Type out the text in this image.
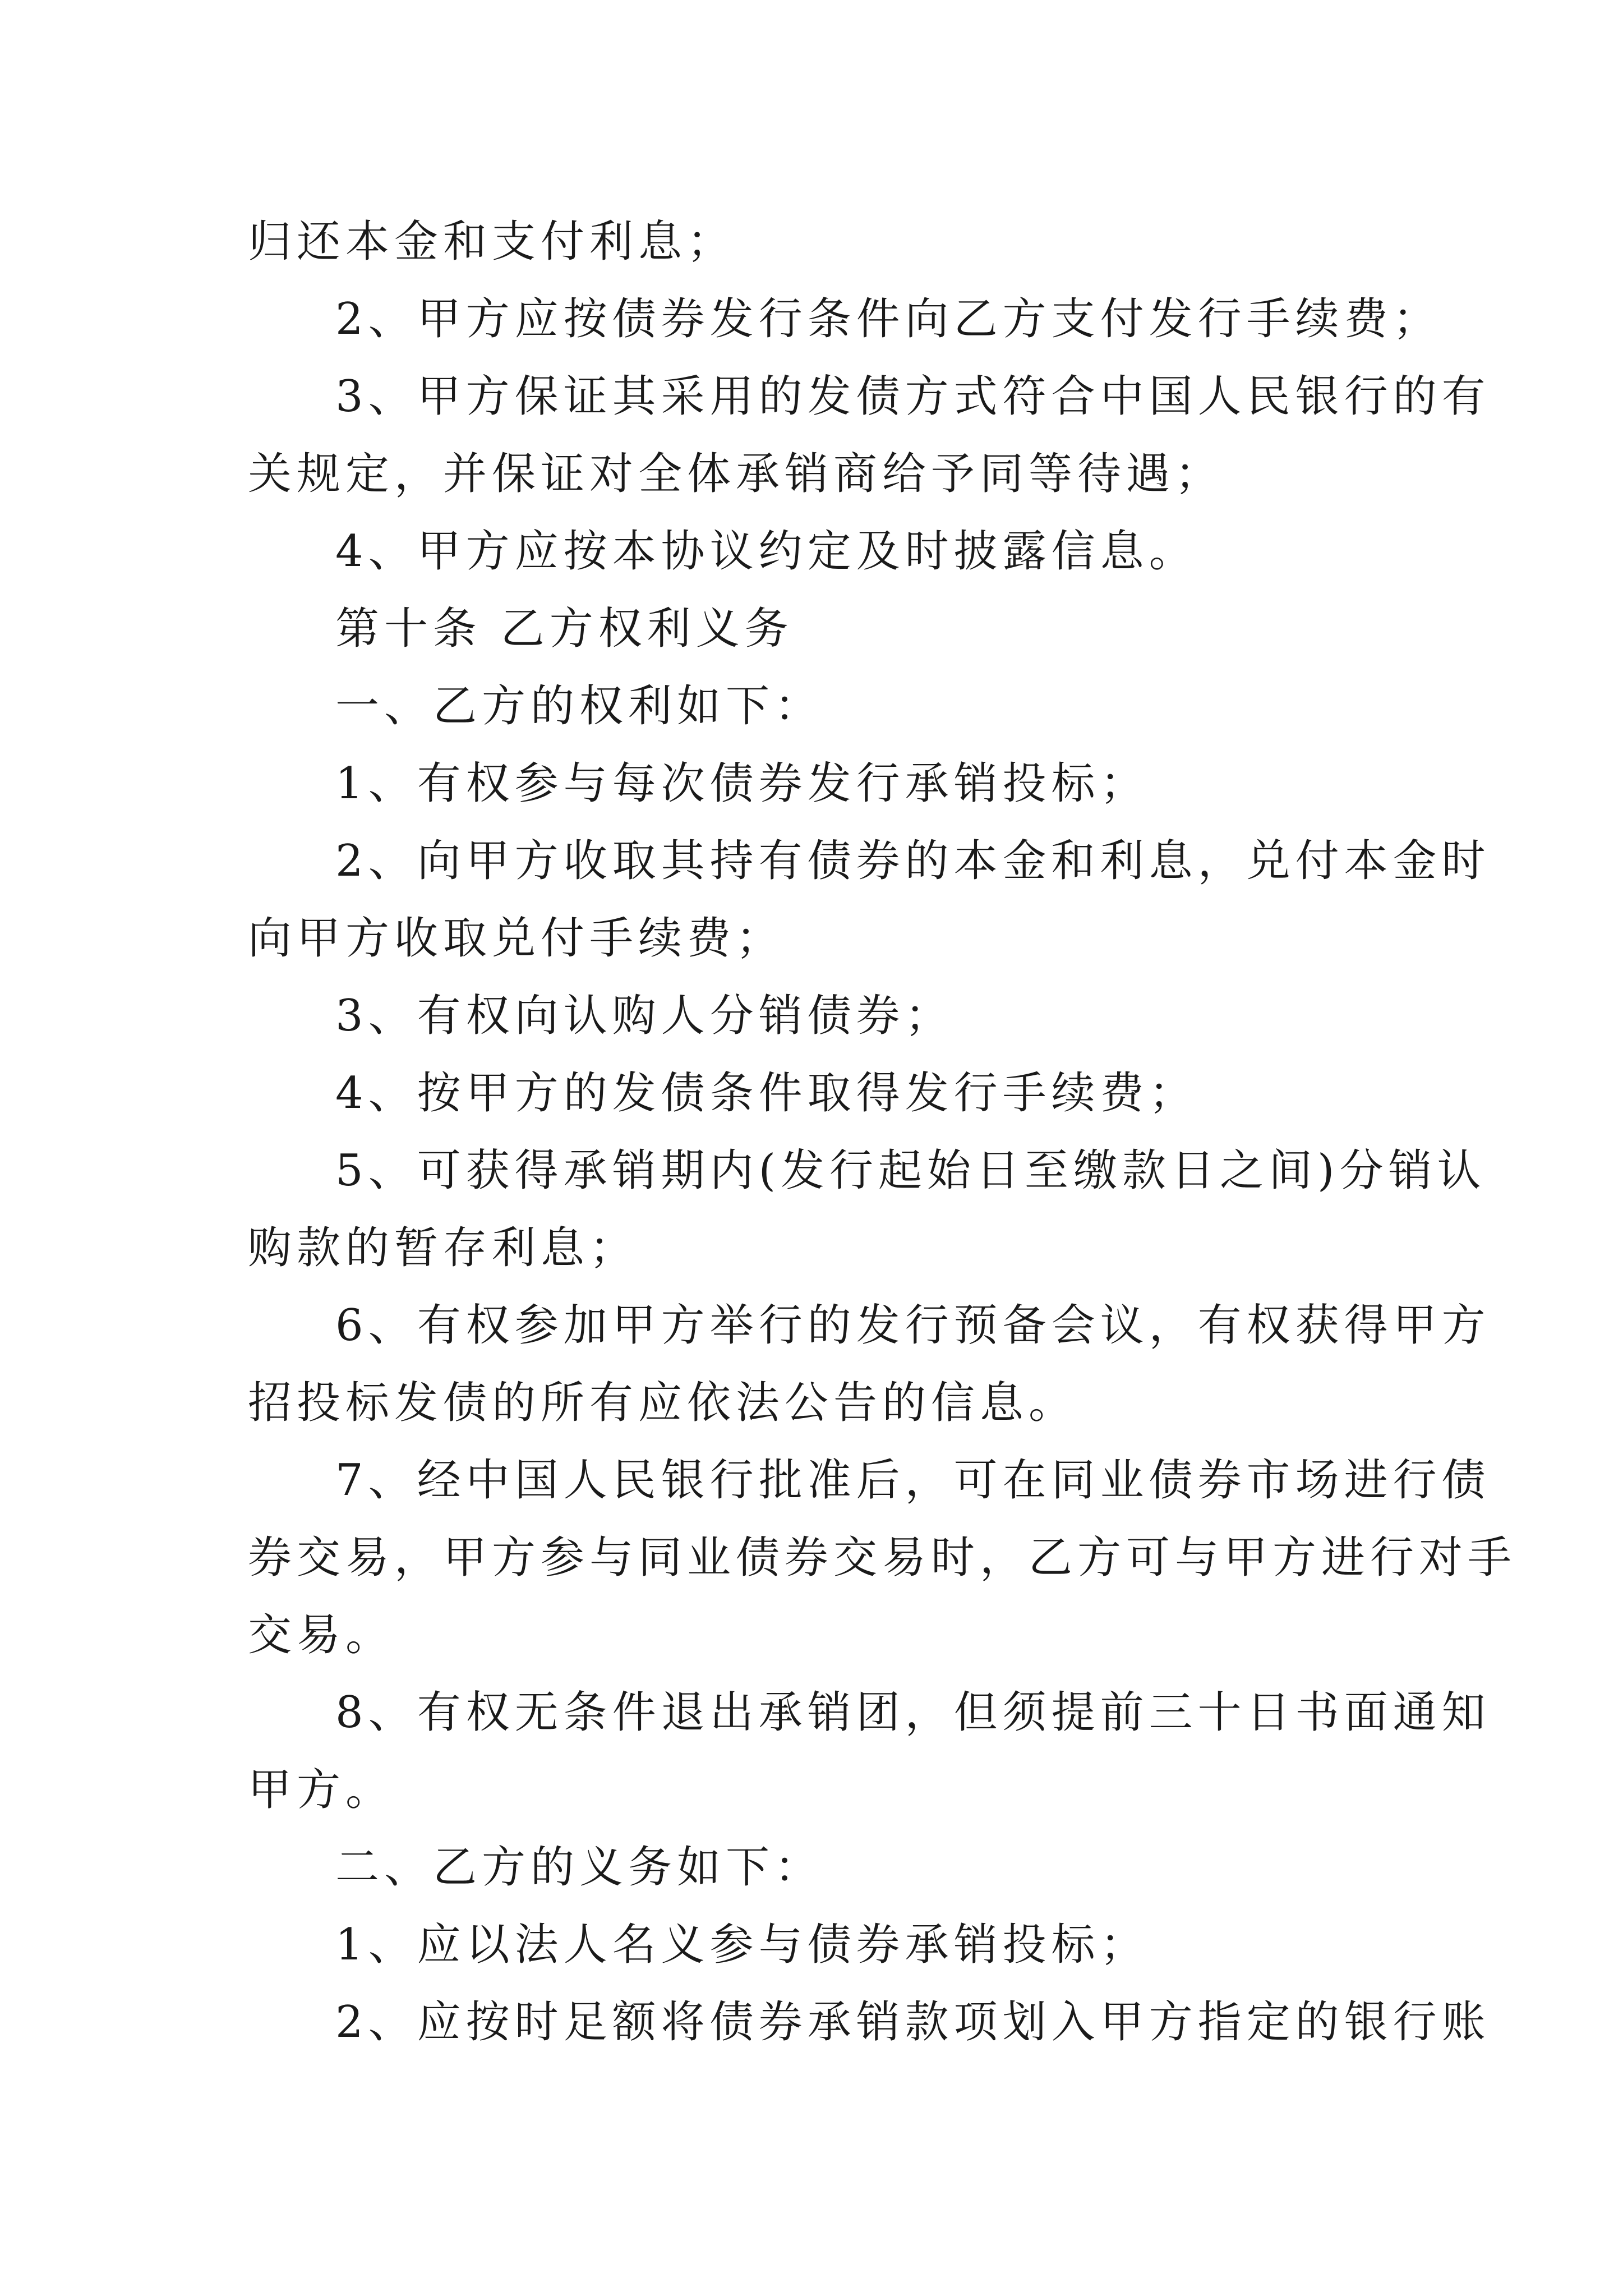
归还本金和支付利息；

2、甲方应按债券发行条件向乙方支付发行手续费；

3、甲方保证其采用的发债方式符合中国人民银行的有

关规定，并保证对全体承销商给予同等待遇；

4、甲方应按本协议约定及时披露信息。

第十条 乙方权利义务

一、乙方的权利如下：

1、有权参与每次债券发行承销投标；

2、向甲方收取其持有债券的本金和利息，兑付本金时

向甲方收取兑付手续费；

3、有权向认购人分销债券；

4、按甲方的发债条件取得发行手续费；

5、可获得承销期内(发行起始日至缴款日之间)分销认

购款的暂存利息；

6、有权参加甲方举行的发行预备会议，有权获得甲方

招投标发债的所有应依法公告的信息。

7、经中国人民银行批准后，可在同业债券市场进行债

券交易，甲方参与同业债券交易时，乙方可与甲方进行对手

交易。

8、有权无条件退出承销团，但须提前三十日书面通知

甲方。

二、乙方的义务如下：

1、应以法人名义参与债券承销投标；

2、应按时足额将债券承销款项划入甲方指定的银行账
